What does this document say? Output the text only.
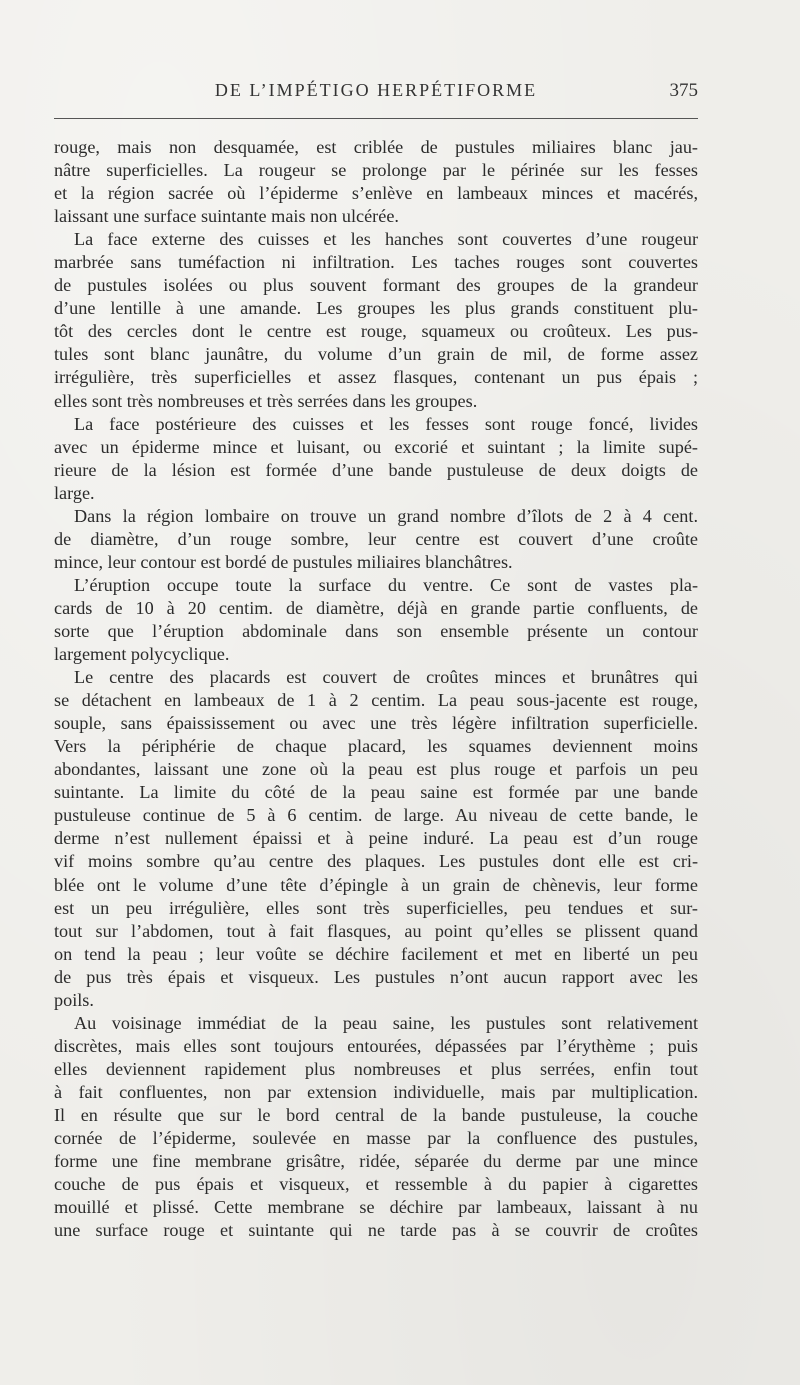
DE L’IMPÉTIGO HERPÉTIFORME	375
rouge, mais non desquamée, est criblée de pustules miliaires blanc jau-
nâtre superficielles. La rougeur se prolonge par le périnée sur les fesses
et la région sacrée où l’épiderme s’enlève en lambeaux minces et macérés,
laissant une surface suintante mais non ulcérée.
La face externe des cuisses et les hanches sont couvertes d’une rougeur
marbrée sans tuméfaction ni infiltration. Les taches rouges sont couvertes
de pustules isolées ou plus souvent formant des groupes de la grandeur
d’une lentille à une amande. Les groupes les plus grands constituent plu-
tôt des cercles dont le centre est rouge, squameux ou croûteux. Les pus-
tules sont blanc jaunâtre, du volume d’un grain de mil, de forme assez
irrégulière, très superficielles et assez flasques, contenant un pus épais ;
elles sont très nombreuses et très serrées dans les groupes.
La face postérieure des cuisses et les fesses sont rouge foncé, livides
avec un épiderme mince et luisant, ou excorié et suintant ; la limite supé-
rieure de la lésion est formée d’une bande pustuleuse de deux doigts de
large.
Dans la région lombaire on trouve un grand nombre d’îlots de 2 à 4 cent.
de diamètre, d’un rouge sombre, leur centre est couvert d’une croûte
mince, leur contour est bordé de pustules miliaires blanchâtres.
L’éruption occupe toute la surface du ventre. Ce sont de vastes pla-
cards de 10 à 20 centim. de diamètre, déjà en grande partie confluents, de
sorte que l’éruption abdominale dans son ensemble présente un contour
largement polycyclique.
Le centre des placards est couvert de croûtes minces et brunâtres qui
se détachent en lambeaux de 1 à 2 centim. La peau sous-jacente est rouge,
souple, sans épaississement ou avec une très légère infiltration superficielle.
Vers la périphérie de chaque placard, les squames deviennent moins
abondantes, laissant une zone où la peau est plus rouge et parfois un peu
suintante. La limite du côté de la peau saine est formée par une bande
pustuleuse continue de 5 à 6 centim. de large. Au niveau de cette bande, le
derme n’est nullement épaissi et à peine induré. La peau est d’un rouge
vif moins sombre qu’au centre des plaques. Les pustules dont elle est cri-
blée ont le volume d’une tête d’épingle à un grain de chènevis, leur forme
est un peu irrégulière, elles sont très superficielles, peu tendues et sur-
tout sur l’abdomen, tout à fait flasques, au point qu’elles se plissent quand
on tend la peau ; leur voûte se déchire facilement et met en liberté un peu
de pus très épais et visqueux. Les pustules n’ont aucun rapport avec les
poils.
Au voisinage immédiat de la peau saine, les pustules sont relativement
discrètes, mais elles sont toujours entourées, dépassées par l’érythème ; puis
elles deviennent rapidement plus nombreuses et plus serrées, enfin tout
à fait confluentes, non par extension individuelle, mais par multiplication.
Il en résulte que sur le bord central de la bande pustuleuse, la couche
cornée de l’épiderme, soulevée en masse par la confluence des pustules,
forme une fine membrane grisâtre, ridée, séparée du derme par une mince
couche de pus épais et visqueux, et ressemble à du papier à cigarettes
mouillé et plissé. Cette membrane se déchire par lambeaux, laissant à nu
une surface rouge et suintante qui ne tarde pas à se couvrir de croûtes
